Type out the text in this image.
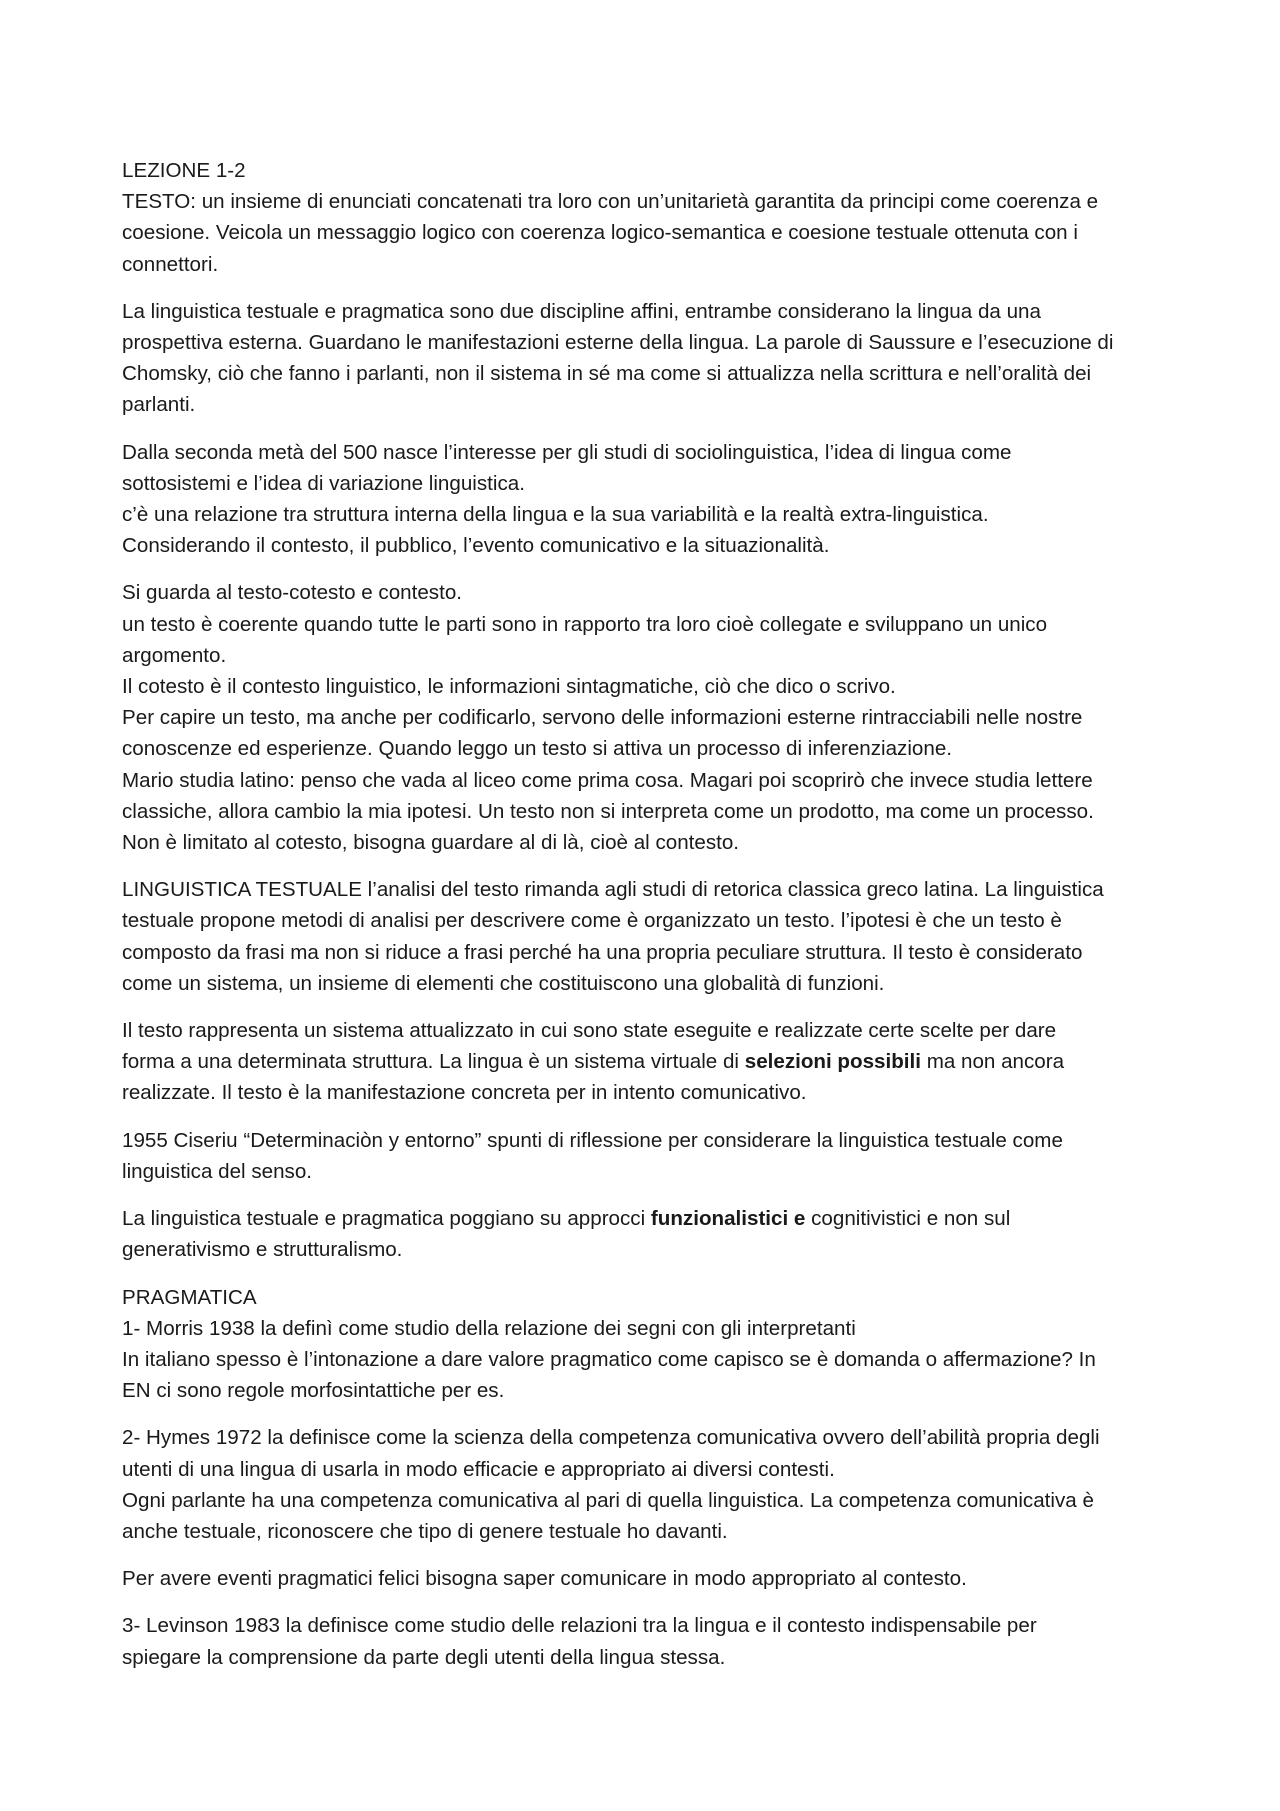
LEZIONE 1-2
TESTO: un insieme di enunciati concatenati tra loro con un’unitarietà garantita da principi come coerenza e
coesione. Veicola un messaggio logico con coerenza logico-semantica e coesione testuale ottenuta con i
connettori.

La linguistica testuale e pragmatica sono due discipline affini, entrambe considerano la lingua da una
prospettiva esterna. Guardano le manifestazioni esterne della lingua. La parole di Saussure e l’esecuzione di
Chomsky, ciò che fanno i parlanti, non il sistema in sé ma come si attualizza nella scrittura e nell’oralità dei
parlanti.

Dalla seconda metà del 500 nasce l’interesse per gli studi di sociolinguistica, l’idea di lingua come
sottosistemi e l’idea di variazione linguistica.
c’è una relazione tra struttura interna della lingua e la sua variabilità e la realtà extra-linguistica.
Considerando il contesto, il pubblico, l’evento comunicativo e la situazionalità.

Si guarda al testo-cotesto e contesto.
un testo è coerente quando tutte le parti sono in rapporto tra loro cioè collegate e sviluppano un unico
argomento.
Il cotesto è il contesto linguistico, le informazioni sintagmatiche, ciò che dico o scrivo.
Per capire un testo, ma anche per codificarlo, servono delle informazioni esterne rintracciabili nelle nostre
conoscenze ed esperienze. Quando leggo un testo si attiva un processo di inferenziazione.
Mario studia latino: penso che vada al liceo come prima cosa. Magari poi scoprirò che invece studia lettere
classiche, allora cambio la mia ipotesi. Un testo non si interpreta come un prodotto, ma come un processo.
Non è limitato al cotesto, bisogna guardare al di là, cioè al contesto.

LINGUISTICA TESTUALE l’analisi del testo rimanda agli studi di retorica classica greco latina. La linguistica
testuale propone metodi di analisi per descrivere come è organizzato un testo. l’ipotesi è che un testo è
composto da frasi ma non si riduce a frasi perché ha una propria peculiare struttura. Il testo è considerato
come un sistema, un insieme di elementi che costituiscono una globalità di funzioni.

Il testo rappresenta un sistema attualizzato in cui sono state eseguite e realizzate certe scelte per dare
forma a una determinata struttura. La lingua è un sistema virtuale di selezioni possibili ma non ancora
realizzate. Il testo è la manifestazione concreta per in intento comunicativo.

1955 Ciseriu “Determinaciòn y entorno” spunti di riflessione per considerare la linguistica testuale come
linguistica del senso.

La linguistica testuale e pragmatica poggiano su approcci funzionalistici e cognitivistici e non sul
generativismo e strutturalismo.

PRAGMATICA
1- Morris 1938 la definì come studio della relazione dei segni con gli interpretanti
In italiano spesso è l’intonazione a dare valore pragmatico come capisco se è domanda o affermazione? In
EN ci sono regole morfosintattiche per es.

2- Hymes 1972 la definisce come la scienza della competenza comunicativa ovvero dell’abilità propria degli
utenti di una lingua di usarla in modo efficacie e appropriato ai diversi contesti.
Ogni parlante ha una competenza comunicativa al pari di quella linguistica. La competenza comunicativa è
anche testuale, riconoscere che tipo di genere testuale ho davanti.

Per avere eventi pragmatici felici bisogna saper comunicare in modo appropriato al contesto.

3- Levinson 1983 la definisce come studio delle relazioni tra la lingua e il contesto indispensabile per
spiegare la comprensione da parte degli utenti della lingua stessa.
